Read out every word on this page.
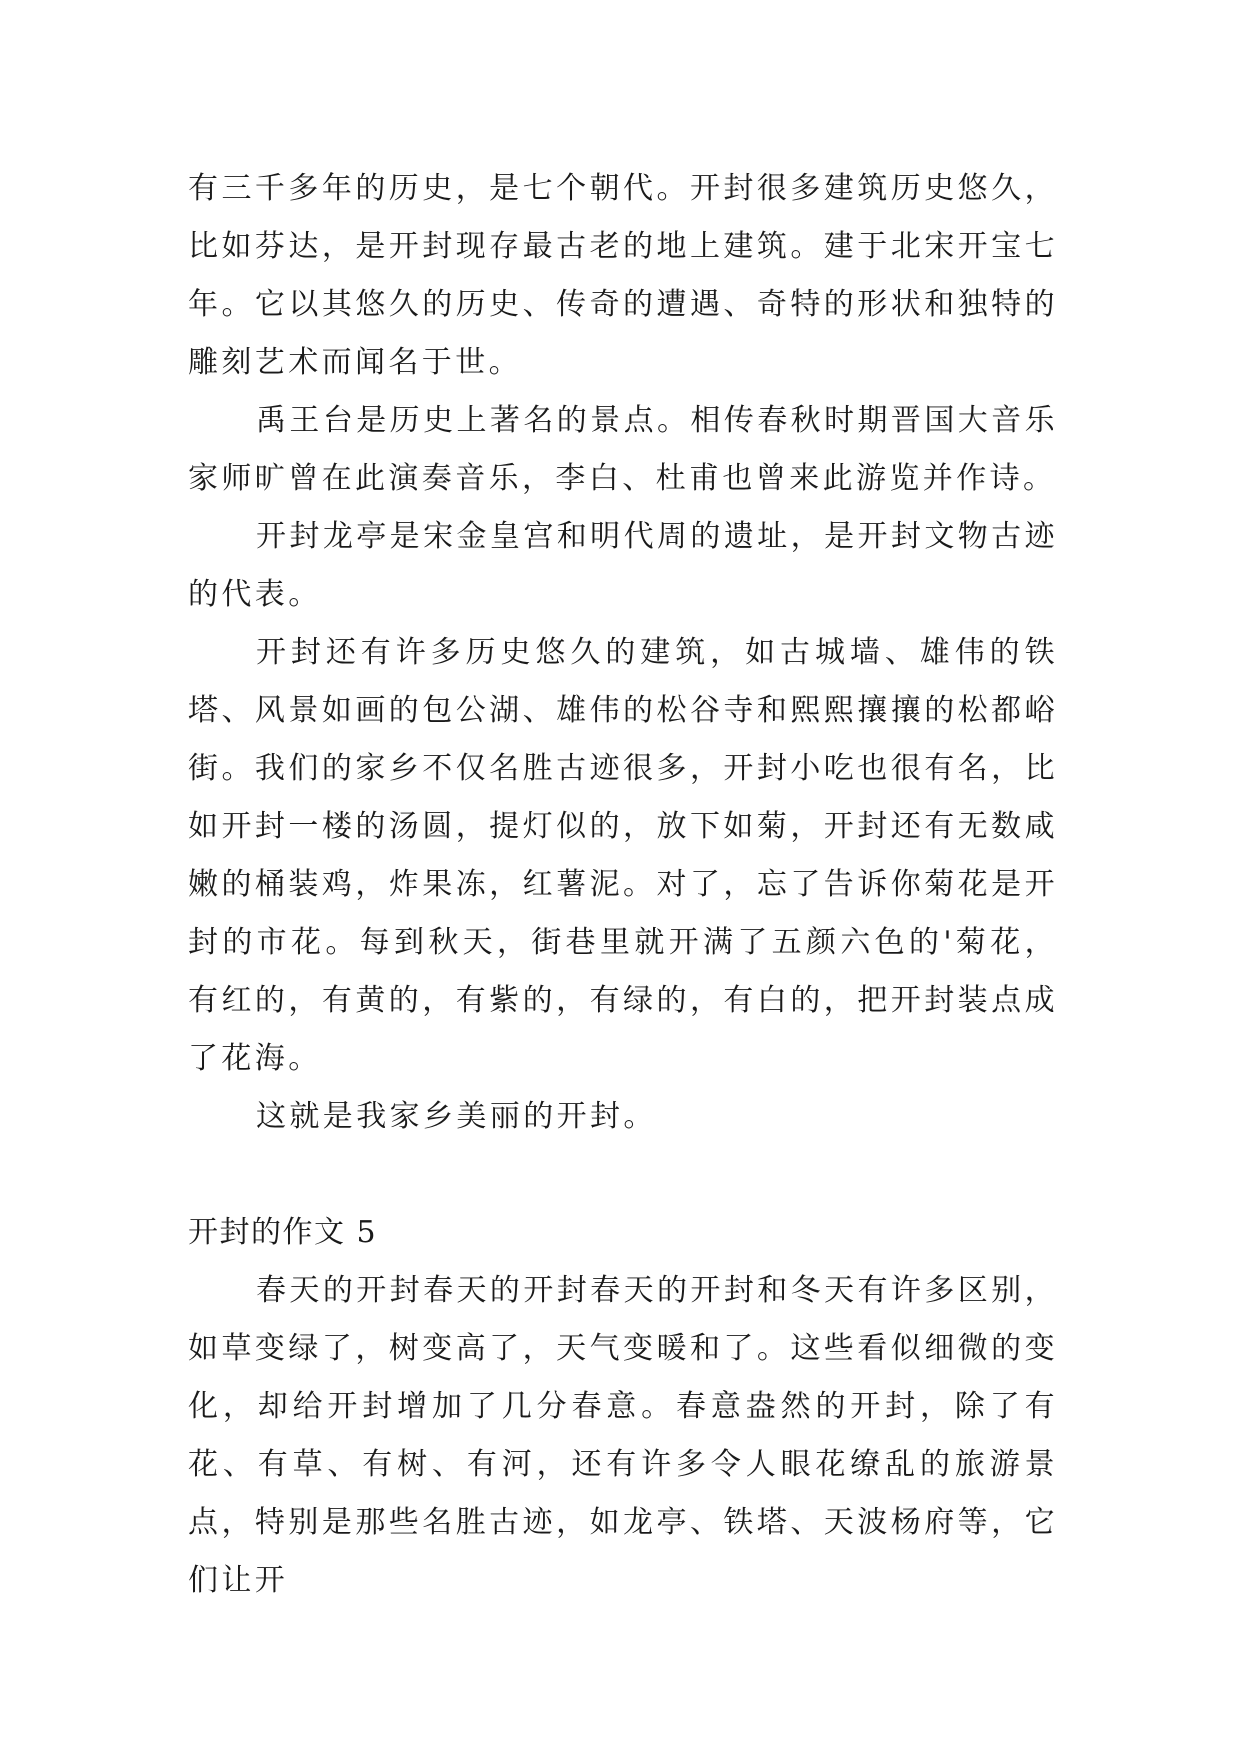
有三千多年的历史，是七个朝代。开封很多建筑历史悠久，比如芬达，是开封现存最古老的地上建筑。建于北宋开宝七年。它以其悠久的历史、传奇的遭遇、奇特的形状和独特的雕刻艺术而闻名于世。

禹王台是历史上著名的景点。相传春秋时期晋国大音乐家师旷曾在此演奏音乐，李白、杜甫也曾来此游览并作诗。

开封龙亭是宋金皇宫和明代周的遗址，是开封文物古迹的代表。

开封还有许多历史悠久的建筑，如古城墙、雄伟的铁塔、风景如画的包公湖、雄伟的松谷寺和熙熙攘攘的松都峪街。我们的家乡不仅名胜古迹很多，开封小吃也很有名，比如开封一楼的汤圆，提灯似的，放下如菊，开封还有无数咸嫩的桶装鸡，炸果冻，红薯泥。对了，忘了告诉你菊花是开封的市花。每到秋天，街巷里就开满了五颜六色的'菊花，有红的，有黄的，有紫的，有绿的，有白的，把开封装点成了花海。

这就是我家乡美丽的开封。

开封的作文 5

春天的开封春天的开封春天的开封和冬天有许多区别，如草变绿了，树变高了，天气变暖和了。这些看似细微的变化，却给开封增加了几分春意。春意盎然的开封，除了有花、有草、有树、有河，还有许多令人眼花缭乱的旅游景点，特别是那些名胜古迹，如龙亭、铁塔、天波杨府等，它们让开
